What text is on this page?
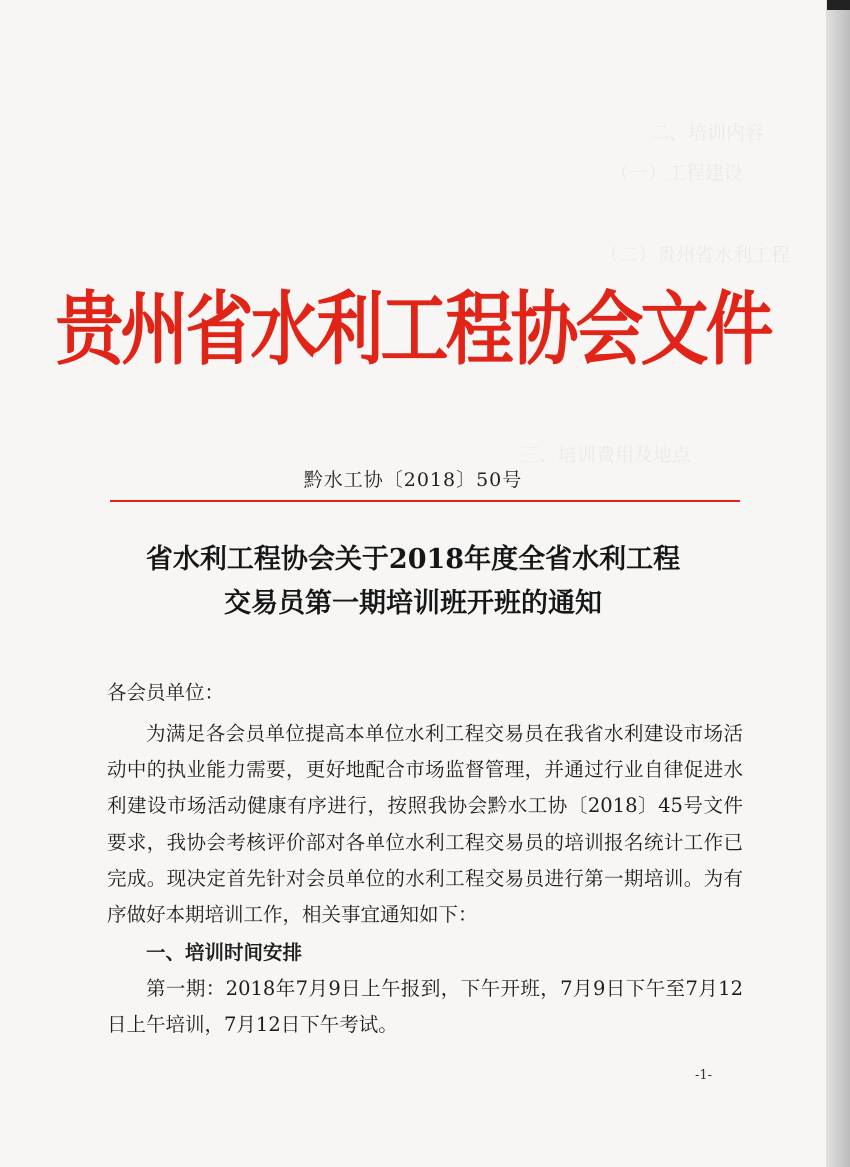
二、培训内容
（一）工程建设
（二）贵州省水利工程
三、培训费用及地点
贵州省水利工程协会文件
黔水工协〔2018〕50号
省水利工程协会关于2018年度全省水利工程
交易员第一期培训班开班的通知

各会员单位：

为满足各会员单位提高本单位水利工程交易员在我省水利建设市场活动中的执业能力需要，更好地配合市场监督管理，并通过行业自律促进水利建设市场活动健康有序进行，按照我协会黔水工协〔2018〕45号文件要求，我协会考核评价部对各单位水利工程交易员的培训报名统计工作已完成。现决定首先针对会员单位的水利工程交易员进行第一期培训。为有序做好本期培训工作，相关事宜通知如下：

一、培训时间安排

第一期：2018年7月9日上午报到，下午开班，7月9日下午至7月12日上午培训，7月12日下午考试。

-1-
